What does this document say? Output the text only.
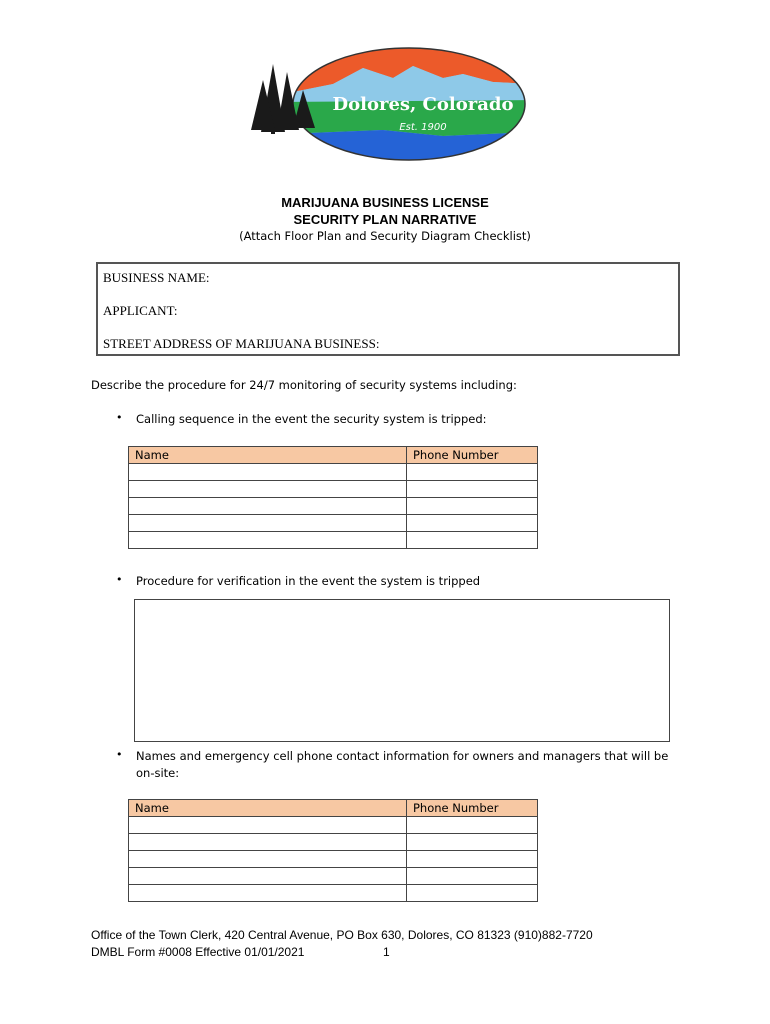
Dolores, Colorado
Est. 1900
MARIJUANA BUSINESS LICENSE
SECURITY PLAN NARRATIVE
(Attach Floor Plan and Security Diagram Checklist)
BUSINESS NAME:
APPLICANT:
STREET ADDRESS OF MARIJUANA BUSINESS:
Describe the procedure for 24/7 monitoring of security systems including:
• Calling sequence in the event the security system is tripped:
Name	Phone Number

• Procedure for verification in the event the system is tripped
• Names and emergency cell phone contact information for owners and managers that will be on-site:
Name	Phone Number

Office of the Town Clerk, 420 Central Avenue, PO Box 630, Dolores, CO 81323 (910)882-7720
DMBL Form #0008 Effective 01/01/2021	1
